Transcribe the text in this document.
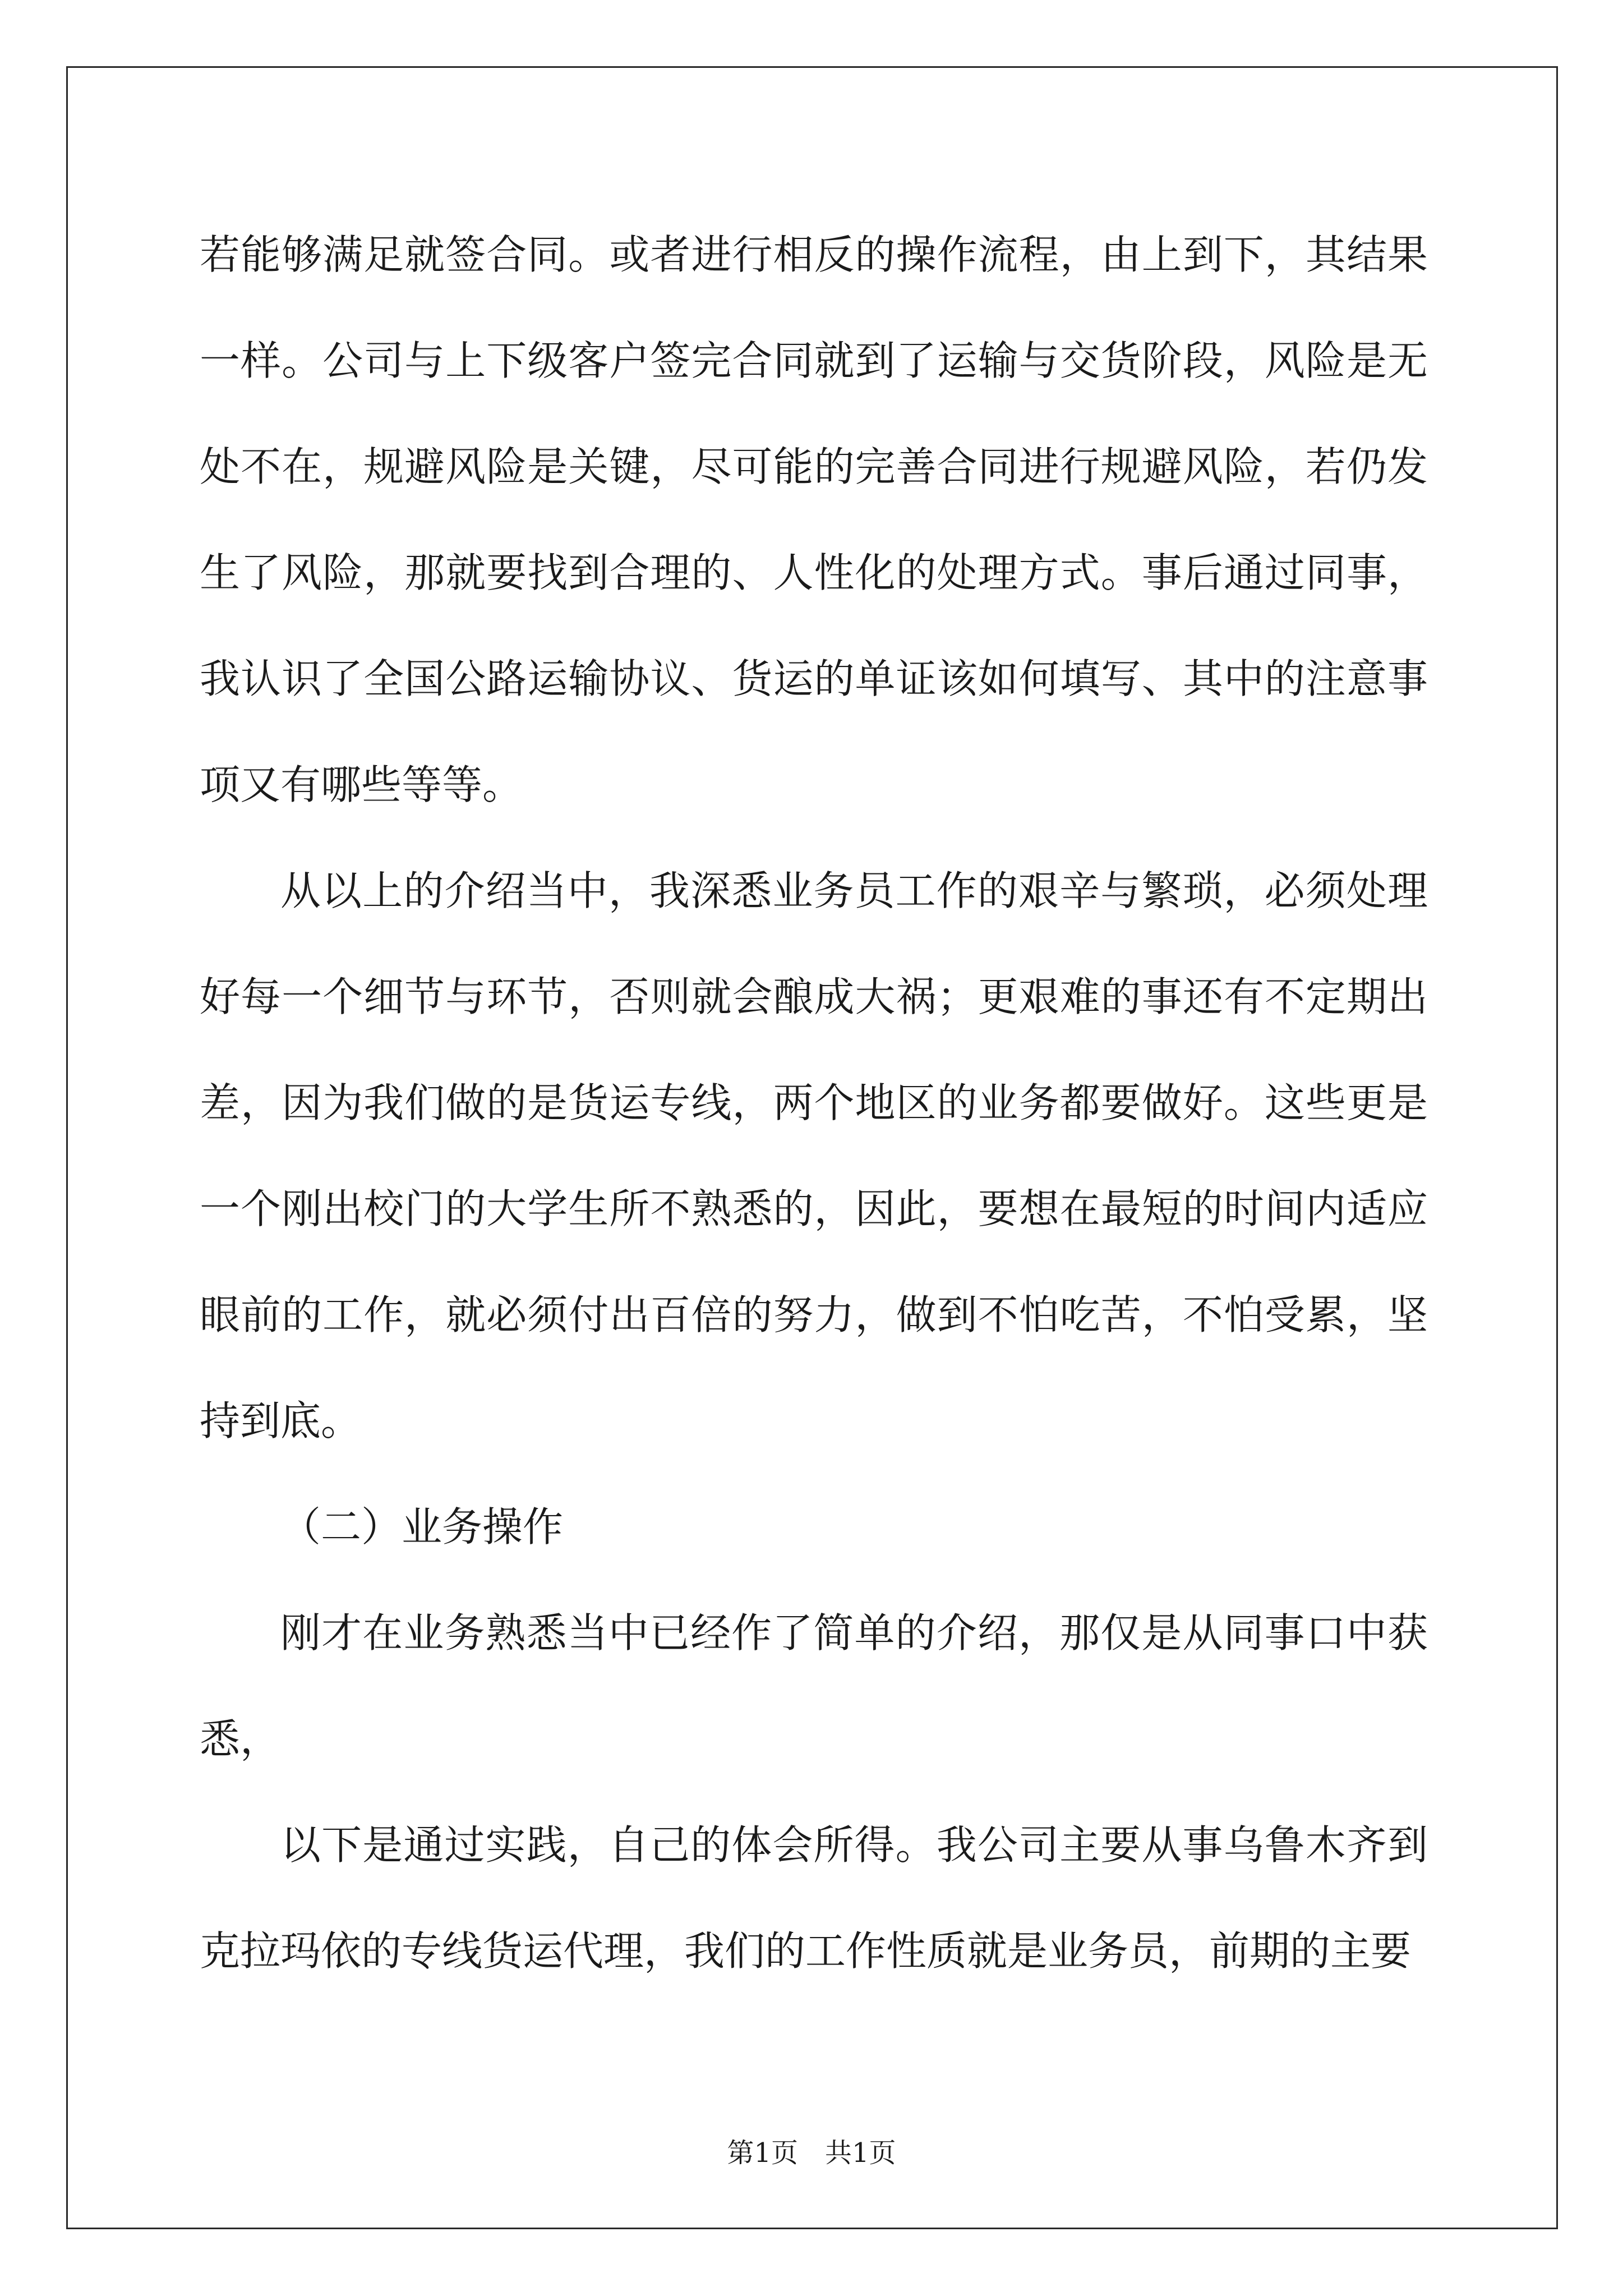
若能够满足就签合同。或者进行相反的操作流程，由上到下，其结果一样。公司与上下级客户签完合同就到了运输与交货阶段，风险是无处不在，规避风险是关键，尽可能的完善合同进行规避风险，若仍发生了风险，那就要找到合理的、人性化的处理方式。事后通过同事，我认识了全国公路运输协议、货运的单证该如何填写、其中的注意事项又有哪些等等。

从以上的介绍当中，我深悉业务员工作的艰辛与繁琐，必须处理好每一个细节与环节，否则就会酿成大祸；更艰难的事还有不定期出差，因为我们做的是货运专线，两个地区的业务都要做好。这些更是一个刚出校门的大学生所不熟悉的，因此，要想在最短的时间内适应眼前的工作，就必须付出百倍的努力，做到不怕吃苦，不怕受累，坚持到底。

（二）业务操作

刚才在业务熟悉当中已经作了简单的介绍，那仅是从同事口中获悉，

以下是通过实践，自己的体会所得。我公司主要从事乌鲁木齐到克拉玛依的专线货运代理，我们的工作性质就是业务员，前期的主要

第1页 共1页
